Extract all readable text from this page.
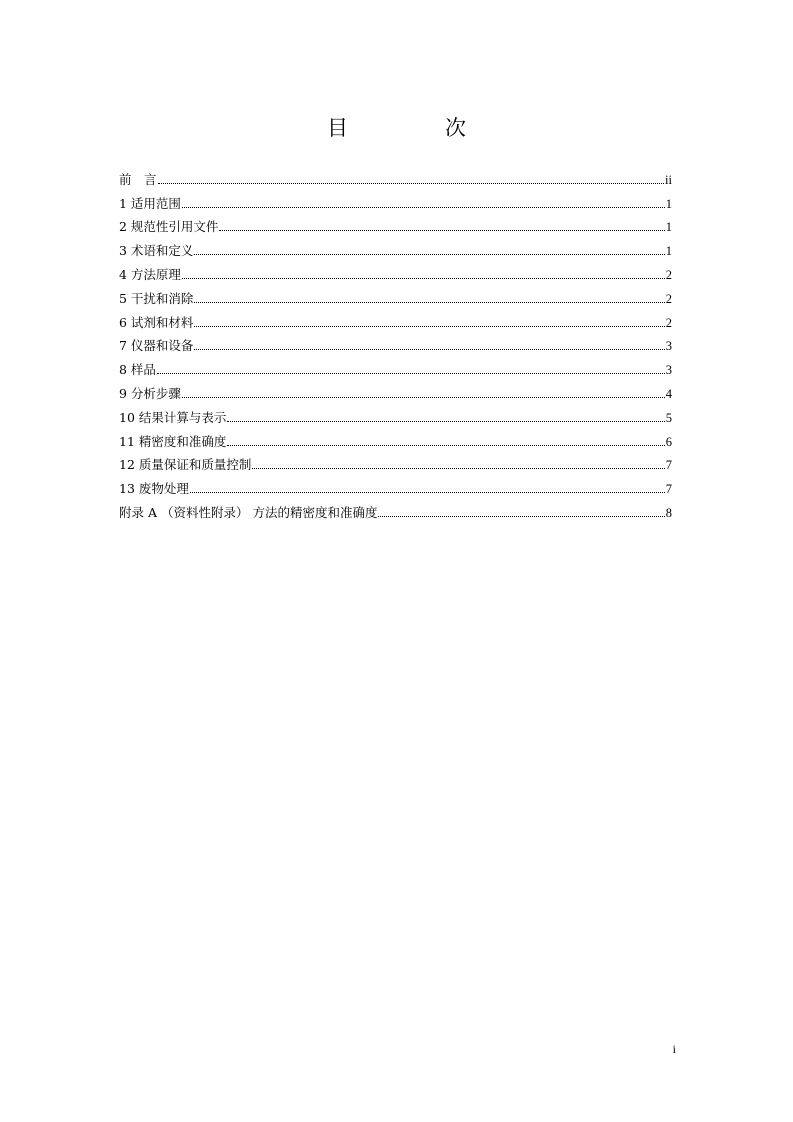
目　次
前　言	ii
1 适用范围	1
2 规范性引用文件	1
3 术语和定义	1
4 方法原理	2
5 干扰和消除	2
6 试剂和材料	2
7 仪器和设备	3
8 样品	3
9 分析步骤	4
10 结果计算与表示	5
11 精密度和准确度	6
12 质量保证和质量控制	7
13 废物处理	7
附录 A （资料性附录） 方法的精密度和准确度	8
i
